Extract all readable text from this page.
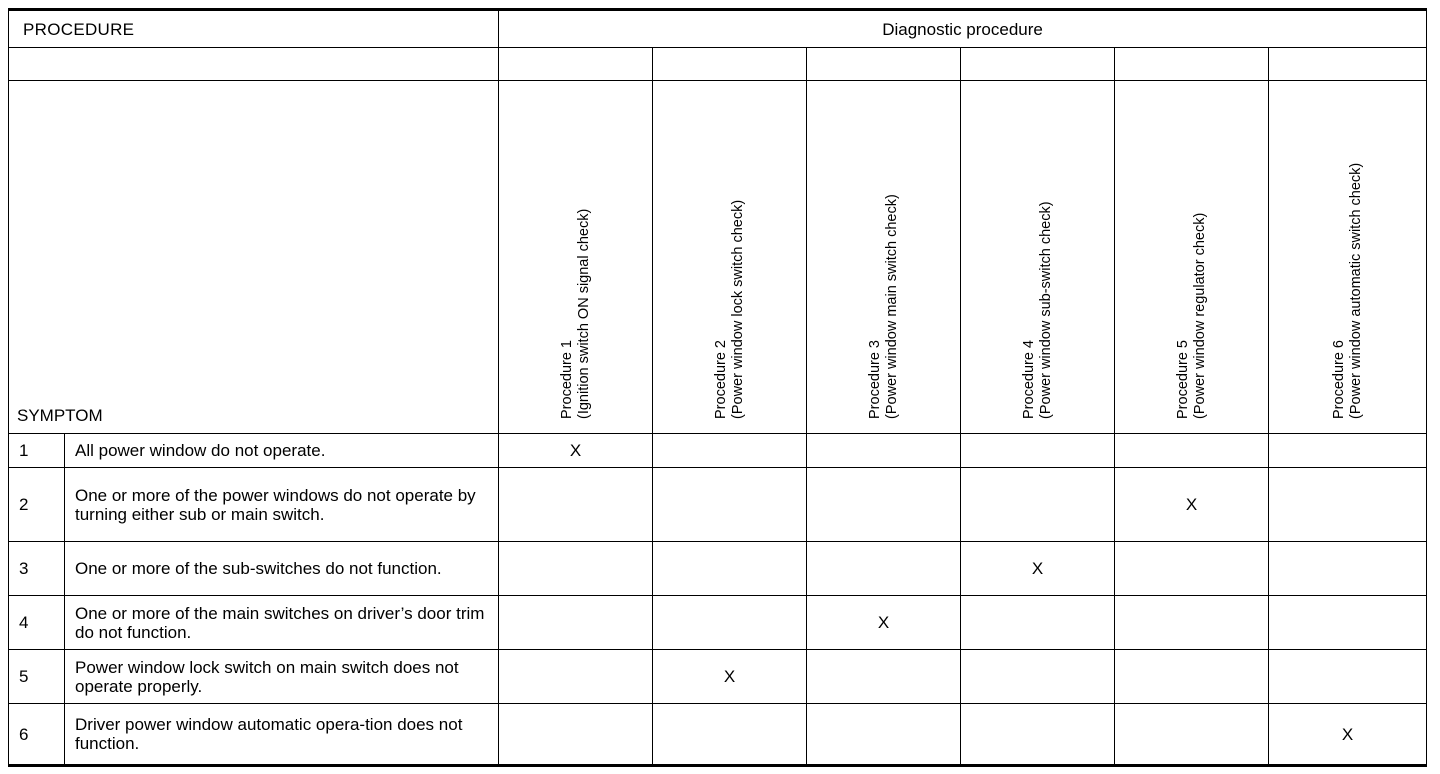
PROCEDURE		Diagnostic procedure					

SYMPTOM		Procedure 1 (Ignition switch ON signal check)	Procedure 2 (Power window lock switch check)	Procedure 3 (Power window main switch check)	Procedure 4 (Power window sub-switch check)	Procedure 5 (Power window regulator check)	Procedure 6 (Power window automatic switch check)

1	All power window do not operate.	X					
2	One or more of the power windows do not operate by turning either sub or main switch.					X	
3	One or more of the sub-switches do not function.				X		
4	One or more of the main switches on driver’s door trim do not function.			X			
5	Power window lock switch on main switch does not operate properly.		X				
6	Driver power window automatic opera-tion does not function.						X
